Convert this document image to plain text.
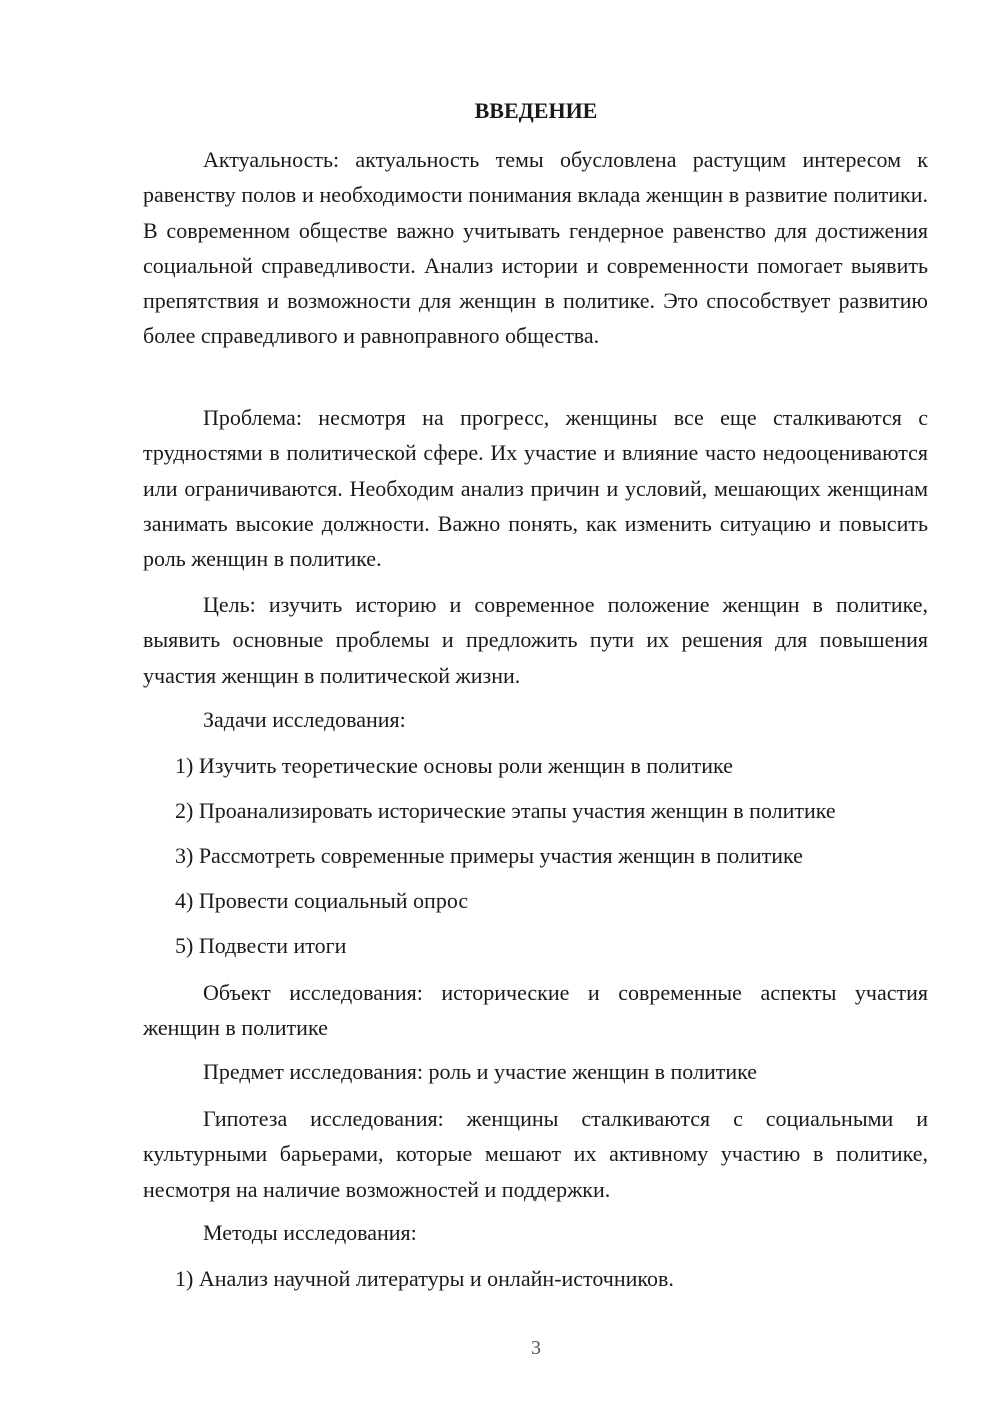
ВВЕДЕНИЕ

Актуальность: актуальность темы обусловлена растущим интересом к равенству полов и необходимости понимания вклада женщин в развитие политики. В современном обществе важно учитывать гендерное равенство для достижения социальной справедливости. Анализ истории и современности помогает выявить препятствия и возможности для женщин в политике. Это способствует развитию более справедливого и равноправного общества.

Проблема: несмотря на прогресс, женщины все еще сталкиваются с трудностями в политической сфере. Их участие и влияние часто недооцениваются или ограничиваются. Необходим анализ причин и условий, мешающих женщинам занимать высокие должности. Важно понять, как изменить ситуацию и повысить роль женщин в политике.

Цель: изучить историю и современное положение женщин в политике, выявить основные проблемы и предложить пути их решения для повышения участия женщин в политической жизни.

Задачи исследования:

1) Изучить теоретические основы роли женщин в политике

2) Проанализировать исторические этапы участия женщин в политике

3) Рассмотреть современные примеры участия женщин в политике

4) Провести социальный опрос

5) Подвести итоги

Объект исследования: исторические и современные аспекты участия женщин в политике

Предмет исследования: роль и участие женщин в политике

Гипотеза исследования: женщины сталкиваются с социальными и культурными барьерами, которые мешают их активному участию в политике, несмотря на наличие возможностей и поддержки.

Методы исследования:

1) Анализ научной литературы и онлайн-источников.

3
